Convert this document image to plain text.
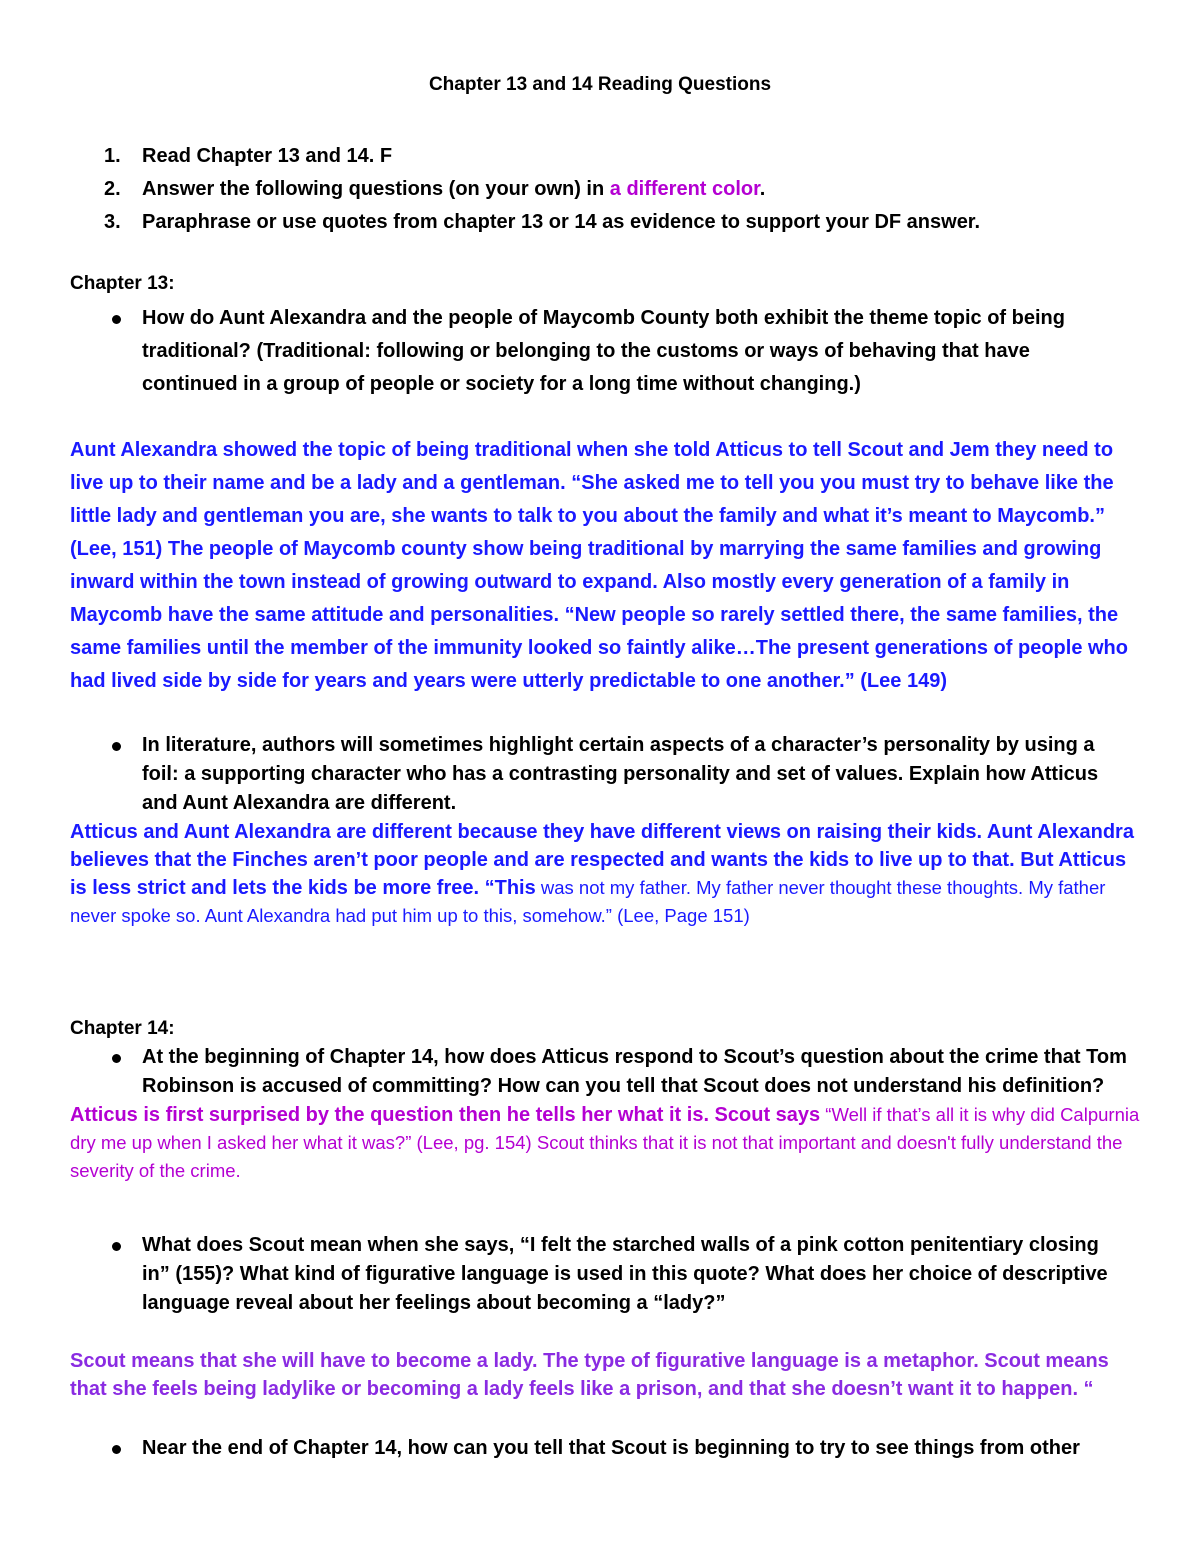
Chapter 13 and 14 Reading Questions
1. Read Chapter 13 and 14. F
2. Answer the following questions (on your own) in a different color.
3. Paraphrase or use quotes from chapter 13 or 14 as evidence to support your DF answer.
Chapter 13:
How do Aunt Alexandra and the people of Maycomb County both exhibit the theme topic of being traditional? (Traditional: following or belonging to the customs or ways of behaving that have continued in a group of people or society for a long time without changing.)
Aunt Alexandra showed the topic of being traditional when she told Atticus to tell Scout and Jem they need to live up to their name and be a lady and a gentleman. “She asked me to tell you you must try to behave like the little lady and gentleman you are, she wants to talk to you about the family and what it’s meant to Maycomb.” (Lee, 151) The people of Maycomb county show being traditional by marrying the same families and growing inward within the town instead of growing outward to expand. Also mostly every generation of a family in Maycomb have the same attitude and personalities. “New people so rarely settled there, the same families, the same families until the member of the immunity looked so faintly alike…The present generations of people who had lived side by side for years and years were utterly predictable to one another.” (Lee 149)
In literature, authors will sometimes highlight certain aspects of a character’s personality by using a foil: a supporting character who has a contrasting personality and set of values. Explain how Atticus and Aunt Alexandra are different.
Atticus and Aunt Alexandra are different because they have different views on raising their kids. Aunt Alexandra believes that the Finches aren’t poor people and are respected and wants the kids to live up to that. But Atticus is less strict and lets the kids be more free. “This was not my father. My father never thought these thoughts. My father never spoke so. Aunt Alexandra had put him up to this, somehow.” (Lee, Page 151)
Chapter 14:
At the beginning of Chapter 14, how does Atticus respond to Scout’s question about the crime that Tom Robinson is accused of committing? How can you tell that Scout does not understand his definition?
Atticus is first surprised by the question then he tells her what it is. Scout says “Well if that’s all it is why did Calpurnia dry me up when I asked her what it was?” (Lee, pg. 154) Scout thinks that it is not that important and doesn't fully understand the severity of the crime.
What does Scout mean when she says, “I felt the starched walls of a pink cotton penitentiary closing in” (155)? What kind of figurative language is used in this quote? What does her choice of descriptive language reveal about her feelings about becoming a “lady?”
Scout means that she will have to become a lady. The type of figurative language is a metaphor. Scout means that she feels being ladylike or becoming a lady feels like a prison, and that she doesn’t want it to happen. “
Near the end of Chapter 14, how can you tell that Scout is beginning to try to see things from other
